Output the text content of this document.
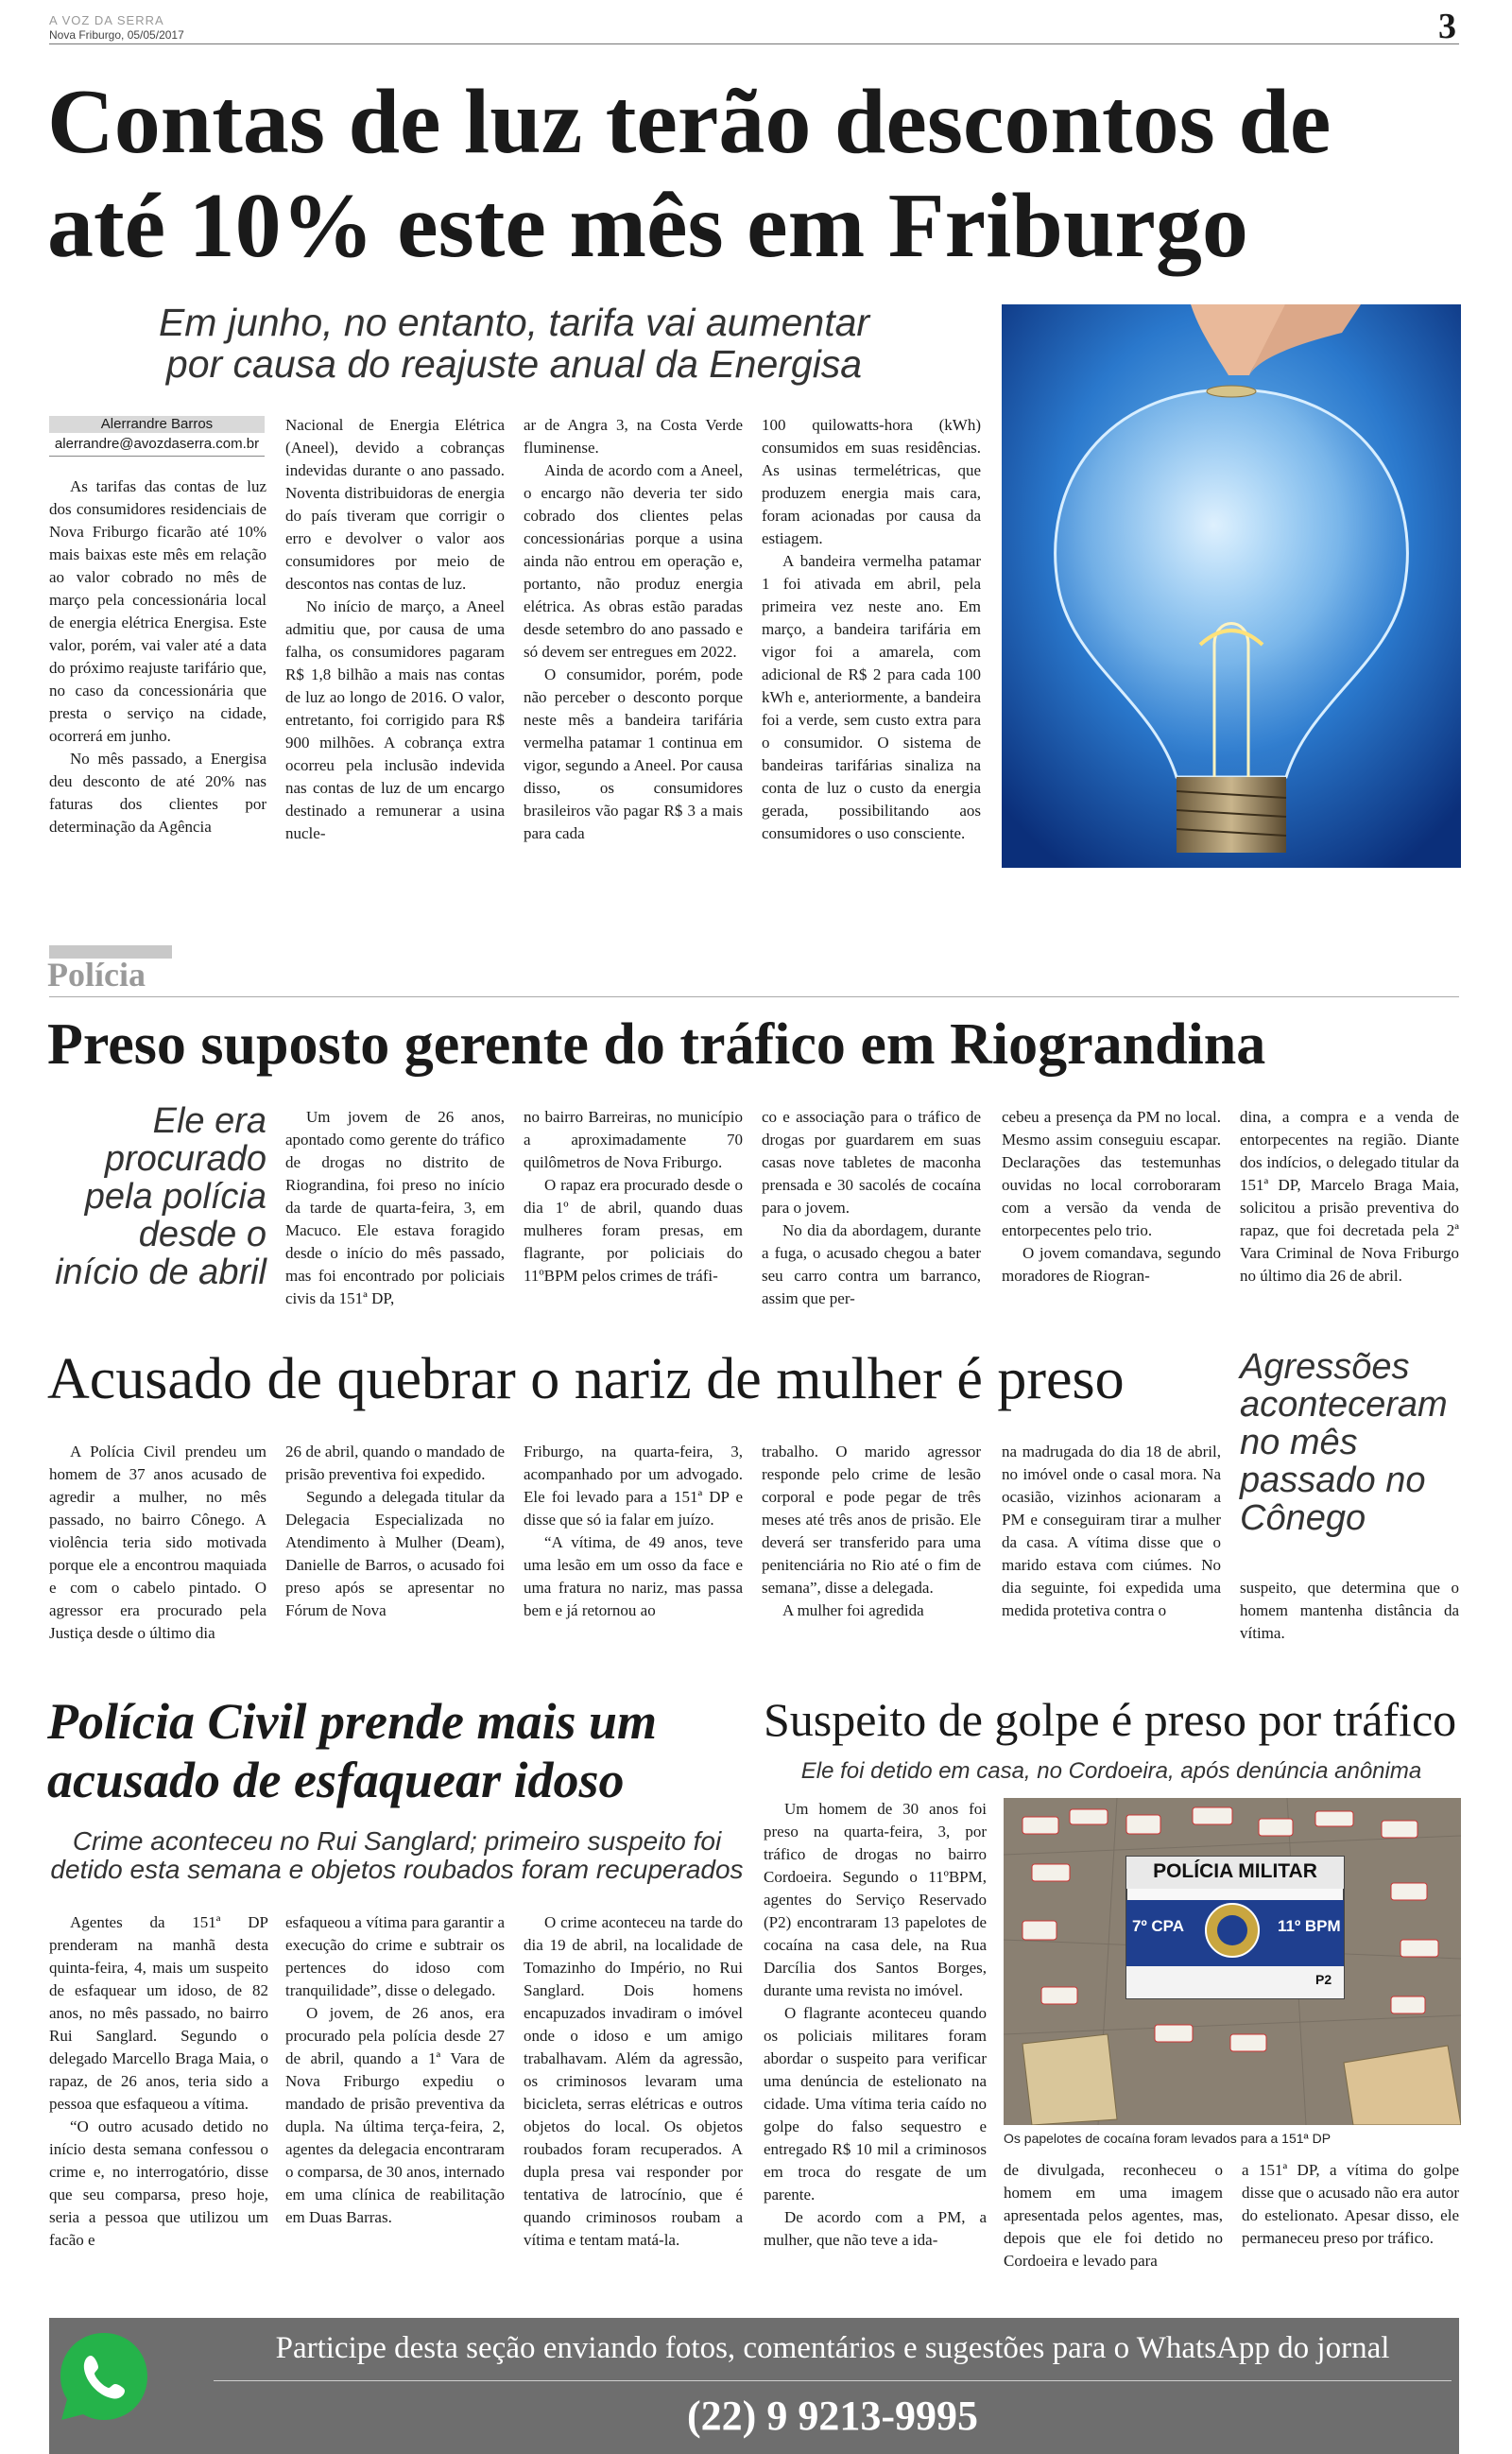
A VOZ DA SERRA
Nova Friburgo, 05/05/2017	3
Contas de luz terão descontos de
até 10% este mês em Friburgo
Em junho, no entanto, tarifa vai aumentar
por causa do reajuste anual da Energisa
Alerrandre Barros
alerrandre@avozdaserra.com.br

As tarifas das contas de luz dos consumidores residenciais de Nova Friburgo ficarão até 10% mais baixas este mês em relação ao valor cobrado no mês de março pela concessionária local de energia elétrica Energisa. Este valor, porém, vai valer até a data do próximo reajuste tarifário que, no caso da concessionária que presta o serviço na cidade, ocorrerá em junho.

No mês passado, a Energisa deu desconto de até 20% nas faturas dos clientes por determinação da Agência

Nacional de Energia Elétrica (Aneel), devido a cobranças indevidas durante o ano passado. Noventa distribuidoras de energia do país tiveram que corrigir o erro e devolver o valor aos consumidores por meio de descontos nas contas de luz.

No início de março, a Aneel admitiu que, por causa de uma falha, os consumidores pagaram R$ 1,8 bilhão a mais nas contas de luz ao longo de 2016. O valor, entretanto, foi corrigido para R$ 900 milhões. A cobrança extra ocorreu pela inclusão indevida nas contas de luz de um encargo destinado a remunerar a usina nucle-

ar de Angra 3, na Costa Verde fluminense.

Ainda de acordo com a Aneel, o encargo não deveria ter sido cobrado dos clientes pelas concessionárias porque a usina ainda não entrou em operação e, portanto, não produz energia elétrica. As obras estão paradas desde setembro do ano passado e só devem ser entregues em 2022.

O consumidor, porém, pode não perceber o desconto porque neste mês a bandeira tarifária vermelha patamar 1 continua em vigor, segundo a Aneel. Por causa disso, os consumidores brasileiros vão pagar R$ 3 a mais para cada

100 quilowatts-hora (kWh) consumidos em suas residências. As usinas termelétricas, que produzem energia mais cara, foram acionadas por causa da estiagem.

A bandeira vermelha patamar 1 foi ativada em abril, pela primeira vez neste ano. Em março, a bandeira tarifária em vigor foi a amarela, com adicional de R$ 2 para cada 100 kWh e, anteriormente, a bandeira foi a verde, sem custo extra para o consumidor. O sistema de bandeiras tarifárias sinaliza na conta de luz o custo da energia gerada, possibilitando aos consumidores o uso consciente.

Polícia
Preso suposto gerente do tráfico em Riograndina
Ele era
procurado
pela polícia
desde o
início de abril

Um jovem de 26 anos, apontado como gerente do tráfico de drogas no distrito de Riograndina, foi preso no início da tarde de quarta-feira, 3, em Macuco. Ele estava foragido desde o início do mês passado, mas foi encontrado por policiais civis da 151ª DP,

no bairro Barreiras, no município a aproximadamente 70 quilômetros de Nova Friburgo.

O rapaz era procurado desde o dia 1º de abril, quando duas mulheres foram presas, em flagrante, por policiais do 11ºBPM pelos crimes de tráfi-

co e associação para o tráfico de drogas por guardarem em suas casas nove tabletes de maconha prensada e 30 sacolés de cocaína para o jovem.

No dia da abordagem, durante a fuga, o acusado chegou a bater seu carro contra um barranco, assim que per-

cebeu a presença da PM no local. Mesmo assim conseguiu escapar. Declarações das testemunhas ouvidas no local corroboraram com a versão da venda de entorpecentes pelo trio.

O jovem comandava, segundo moradores de Riogran-

dina, a compra e a venda de entorpecentes na região. Diante dos indícios, o delegado titular da 151ª DP, Marcelo Braga Maia, solicitou a prisão preventiva do rapaz, que foi decretada pela 2ª Vara Criminal de Nova Friburgo no último dia 26 de abril.

Acusado de quebrar o nariz de mulher é preso	Agressões
aconteceram
no mês
passado no
Cônego

A Polícia Civil prendeu um homem de 37 anos acusado de agredir a mulher, no mês passado, no bairro Cônego. A violência teria sido motivada porque ele a encontrou maquiada e com o cabelo pintado. O agressor era procurado pela Justiça desde o último dia

26 de abril, quando o mandado de prisão preventiva foi expedido.

Segundo a delegada titular da Delegacia Especializada no Atendimento à Mulher (Deam), Danielle de Barros, o acusado foi preso após se apresentar no Fórum de Nova

Friburgo, na quarta-feira, 3, acompanhado por um advogado. Ele foi levado para a 151ª DP e disse que só ia falar em juízo.

“A vítima, de 49 anos, teve uma lesão em um osso da face e uma fratura no nariz, mas passa bem e já retornou ao

trabalho. O marido agressor responde pelo crime de lesão corporal e pode pegar de três meses até três anos de prisão. Ele deverá ser transferido para uma penitenciária no Rio até o fim de semana”, disse a delegada.

A mulher foi agredida

na madrugada do dia 18 de abril, no imóvel onde o casal mora. Na ocasião, vizinhos acionaram a PM e conseguiram tirar a mulher da casa. A vítima disse que o marido estava com ciúmes. No dia seguinte, foi expedida uma medida protetiva contra o

suspeito, que determina que o homem mantenha distância da vítima.

Polícia Civil prende mais um
acusado de esfaquear idoso
Crime aconteceu no Rui Sanglard; primeiro suspeito foi
detido esta semana e objetos roubados foram recuperados

Agentes da 151ª DP prenderam na manhã desta quinta-feira, 4, mais um suspeito de esfaquear um idoso, de 82 anos, no mês passado, no bairro Rui Sanglard. Segundo o delegado Marcello Braga Maia, o rapaz, de 26 anos, teria sido a pessoa que esfaqueou a vítima.

“O outro acusado detido no início desta semana confessou o crime e, no interrogatório, disse que seu comparsa, preso hoje, seria a pessoa que utilizou um facão e

esfaqueou a vítima para garantir a execução do crime e subtrair os pertences do idoso com tranquilidade”, disse o delegado.

O jovem, de 26 anos, era procurado pela polícia desde 27 de abril, quando a 1ª Vara de Nova Friburgo expediu o mandado de prisão preventiva da dupla. Na última terça-feira, 2, agentes da delegacia encontraram o comparsa, de 30 anos, internado em uma clínica de reabilitação em Duas Barras.

O crime aconteceu na tarde do dia 19 de abril, na localidade de Tomazinho do Império, no Rui Sanglard. Dois homens encapuzados invadiram o imóvel onde o idoso e um amigo trabalhavam. Além da agressão, os criminosos levaram uma bicicleta, serras elétricas e outros objetos do local. Os objetos roubados foram recuperados. A dupla presa vai responder por tentativa de latrocínio, que é quando criminosos roubam a vítima e tentam matá-la.

Suspeito de golpe é preso por tráfico
Ele foi detido em casa, no Cordoeira, após denúncia anônima

Um homem de 30 anos foi preso na quarta-feira, 3, por tráfico de drogas no bairro Cordoeira. Segundo o 11ºBPM, agentes do Serviço Reservado (P2) encontraram 13 papelotes de cocaína na casa dele, na Rua Darcília dos Santos Borges, durante uma revista no imóvel.

O flagrante aconteceu quando os policiais militares foram abordar o suspeito para verificar uma denúncia de estelionato na cidade. Uma vítima teria caído no golpe do falso sequestro e entregado R$ 10 mil a criminosos em troca do resgate de um parente.

De acordo com a PM, a mulher, que não teve a ida-

POLÍCIA MILITAR
7º CPA	11º BPM
P2
Os papelotes de cocaína foram levados para a 151ª DP

de divulgada, reconheceu o homem em uma imagem apresentada pelos agentes, mas, depois que ele foi detido no Cordoeira e levado para

a 151ª DP, a vítima do golpe disse que o acusado não era autor do estelionato. Apesar disso, ele permaneceu preso por tráfico.

Participe desta seção enviando fotos, comentários e sugestões para o WhatsApp do jornal
(22) 9 9213-9995
